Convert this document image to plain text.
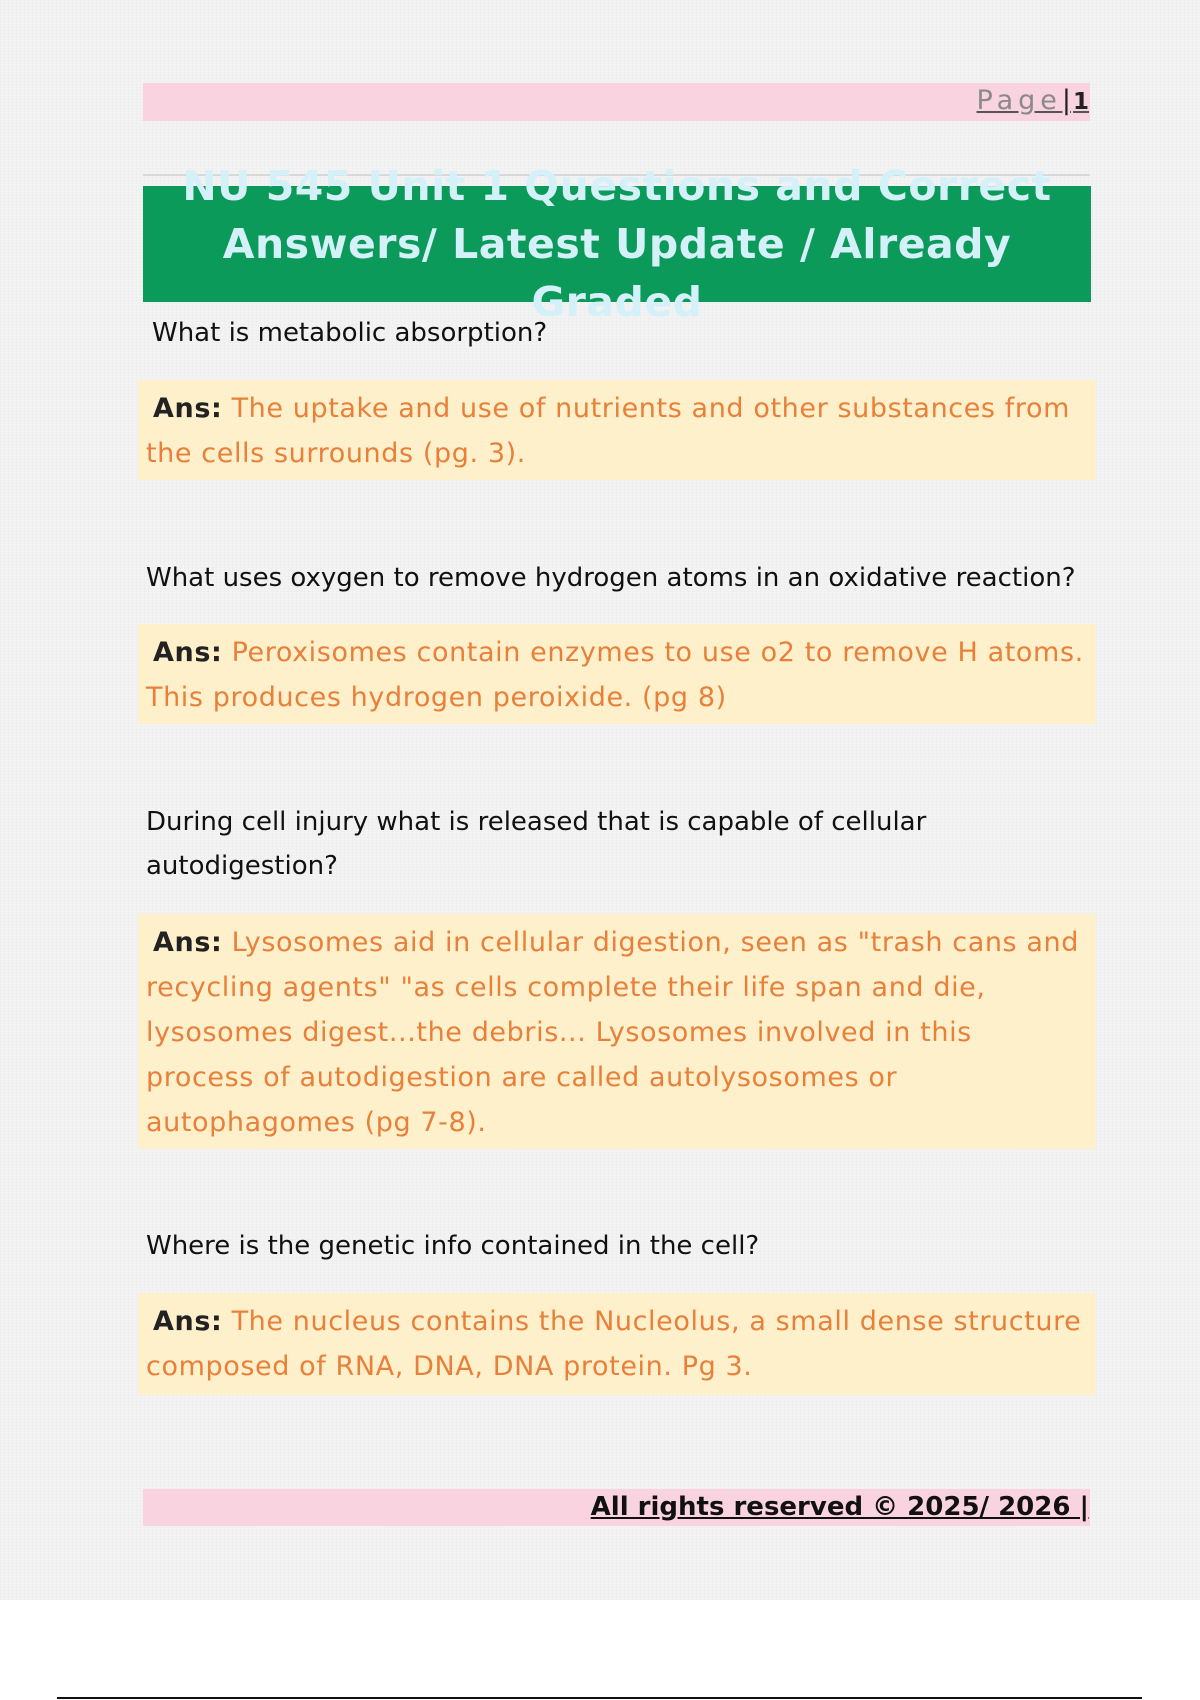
Page | 1
NU 545 Unit 1 Questions and Correct
Answers/ Latest Update / Already Graded

What is metabolic absorption?

Ans: The uptake and use of nutrients and other substances from the cells surrounds (pg. 3).

What uses oxygen to remove hydrogen atoms in an oxidative reaction?

Ans: Peroxisomes contain enzymes to use o2 to remove H atoms. This produces hydrogen peroixide. (pg 8)

During cell injury what is released that is capable of cellular autodigestion?

Ans: Lysosomes aid in cellular digestion, seen as "trash cans and recycling agents" "as cells complete their life span and die, lysosomes digest...the debris... Lysosomes involved in this process of autodigestion are called autolysosomes or autophagomes (pg 7-8).

Where is the genetic info contained in the cell?

Ans: The nucleus contains the Nucleolus, a small dense structure composed of RNA, DNA, DNA protein. Pg 3.
All rights reserved © 2025/ 2026 |
